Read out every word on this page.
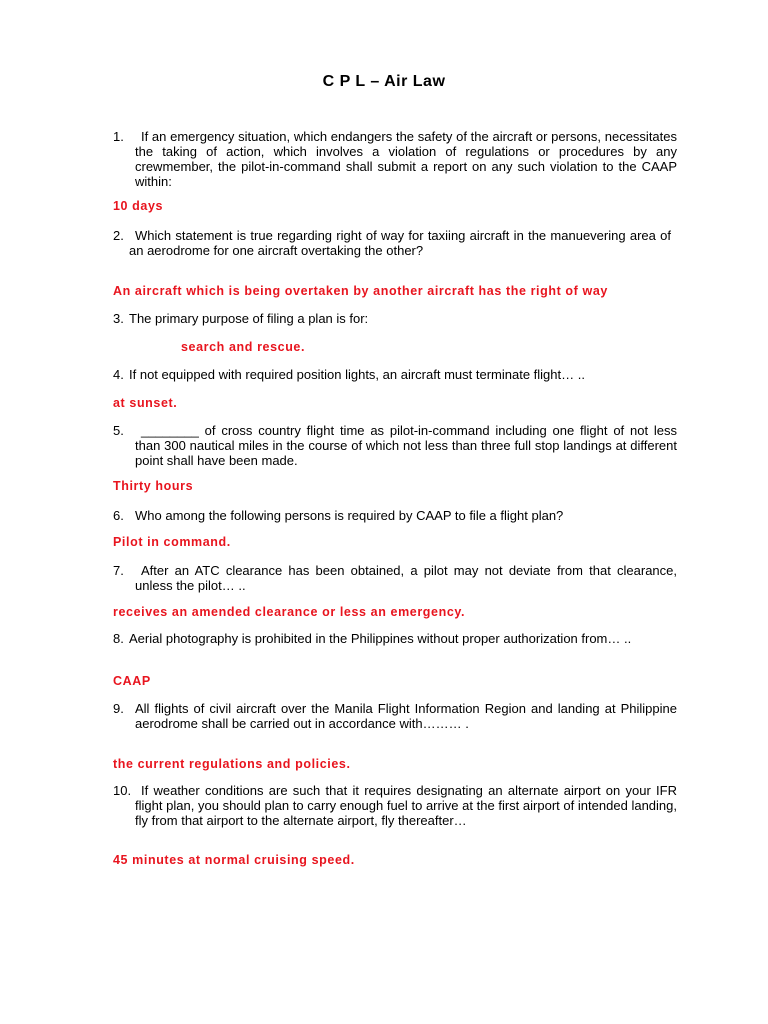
C P L – Air Law
1. If an emergency situation, which endangers the safety of the aircraft or persons, necessitates the taking of action, which involves a violation of regulations or procedures by any crewmember, the pilot-in-command shall submit a report on any such violation to the CAAP within:
10 days
2. Which statement is true regarding right of way for taxiing aircraft in the manuevering area of an aerodrome for one aircraft overtaking the other?
An aircraft which is being overtaken by another aircraft has the right of way
3. The primary purpose of filing a plan is for:
search and rescue.
4. If not equipped with required position lights, an aircraft must terminate flight… ..
at sunset.
5. ________ of cross country flight time as pilot-in-command including one flight of not less than 300 nautical miles in the course of which not less than three full stop landings at different point shall have been made.
Thirty hours
6. Who among the following persons is required by CAAP to file a flight plan?
Pilot in command.
7. After an ATC clearance has been obtained, a pilot may not deviate from that clearance, unless the pilot… ..
receives an amended clearance or less an emergency.
8. Aerial photography is prohibited in the Philippines without proper authorization from… ..
CAAP
9. All flights of civil aircraft over the Manila Flight Information Region and landing at Philippine aerodrome shall be carried out in accordance with……… .
the current regulations and policies.
10. If weather conditions are such that it requires designating an alternate airport on your IFR flight plan, you should plan to carry enough fuel to arrive at the first airport of intended landing, fly from that airport to the alternate airport, fly thereafter…
45 minutes at normal cruising speed.
